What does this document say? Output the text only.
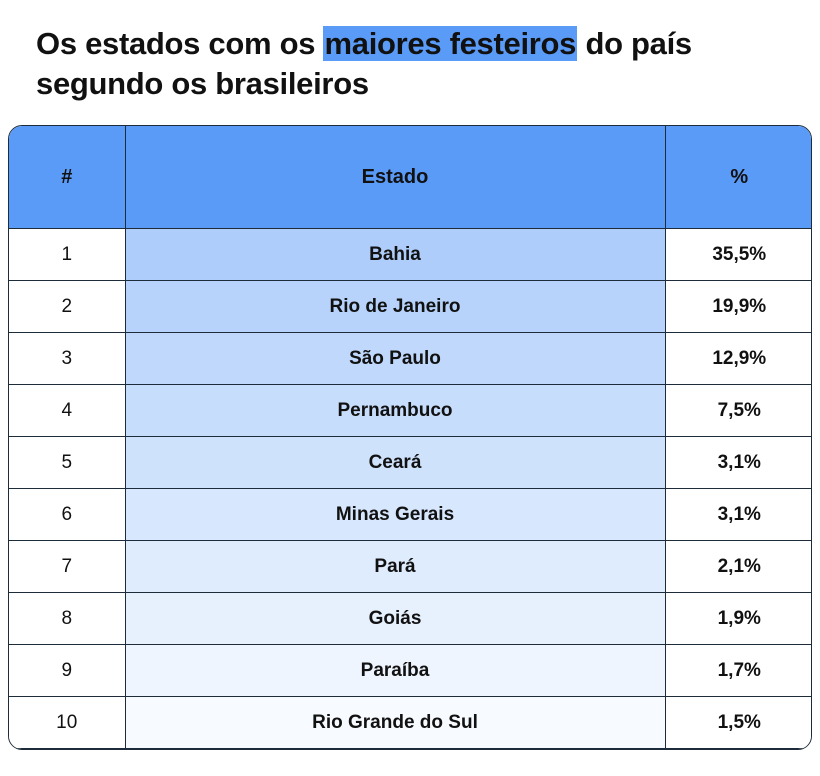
Os estados com os maiores festeiros do país segundo os brasileiros
#	Estado	%
1	Bahia	35,5%
2	Rio de Janeiro	19,9%
3	São Paulo	12,9%
4	Pernambuco	7,5%
5	Ceará	3,1%
6	Minas Gerais	3,1%
7	Pará	2,1%
8	Goiás	1,9%
9	Paraíba	1,7%
10	Rio Grande do Sul	1,5%
